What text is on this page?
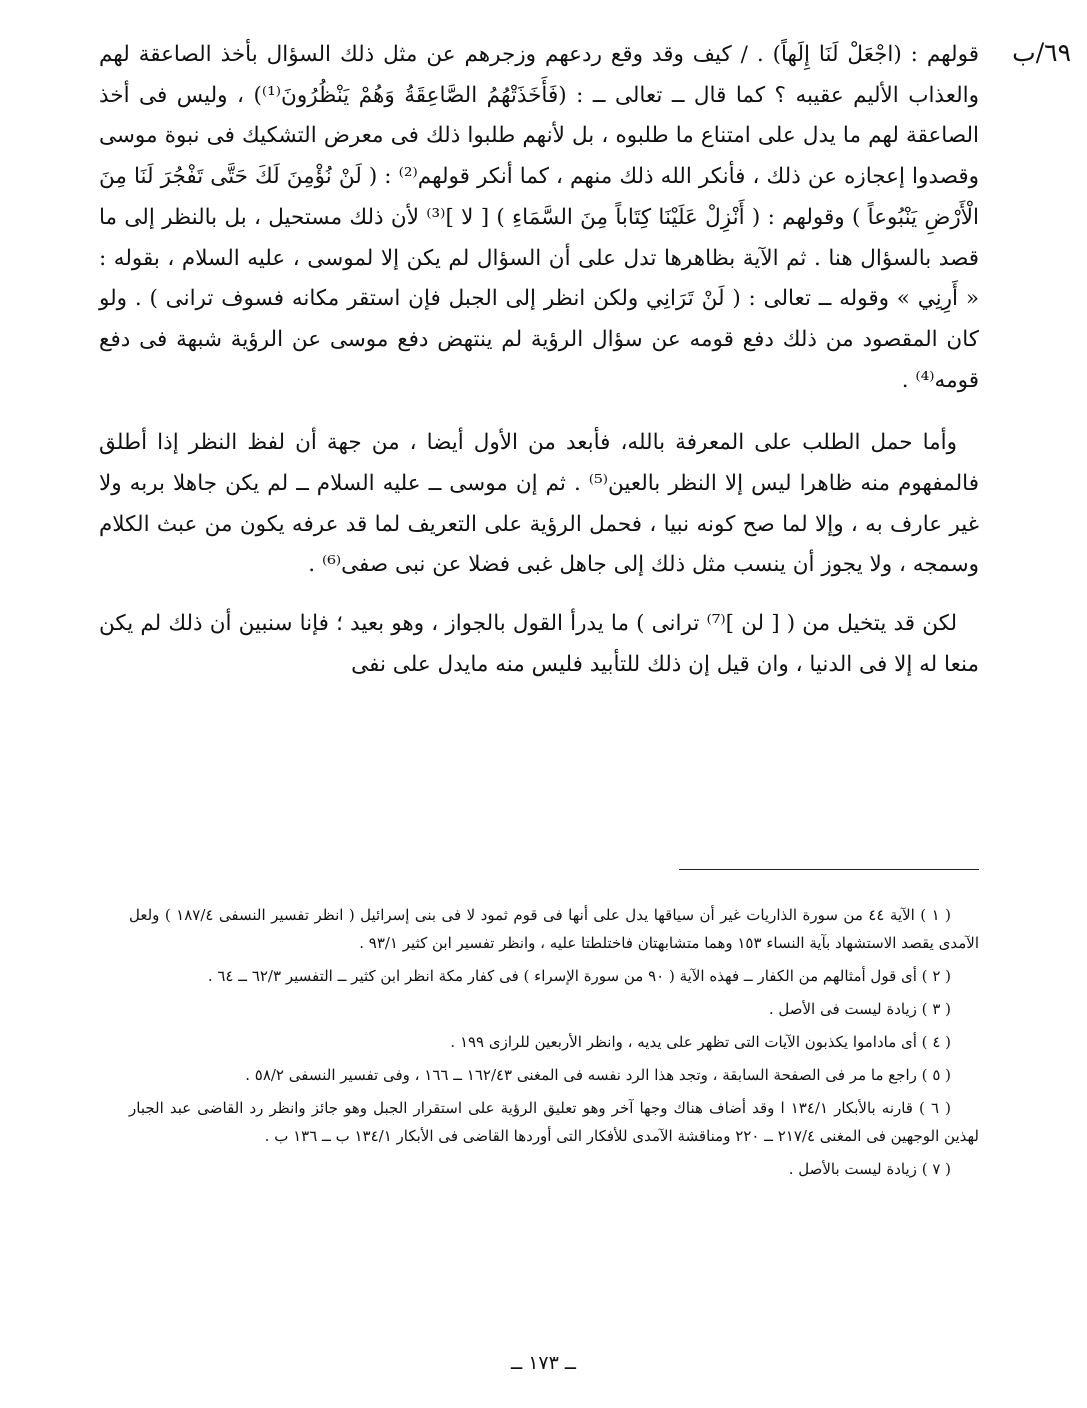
٦٩/ب

قولهم : (اجْعَلْ لَنَا إِلَهاً) . / كيف وقد وقع ردعهم وزجرهم عن مثل ذلك السؤال بأخذ الصاعقة لهم والعذاب الأليم عقيبه ؟ كما قال ــ تعالى ــ : (فَأَخَذَتْهُمُ الصَّاعِقَةُ وَهُمْ يَنْظُرُونَ⁽¹⁾) ، وليس فى أخذ الصاعقة لهم ما يدل على امتناع ما طلبوه ، بل لأنهم طلبوا ذلك فى معرض التشكيك فى نبوة موسى وقصدوا إعجازه عن ذلك ، فأنكر الله ذلك منهم ، كما أنكر قولهم⁽²⁾ : ( لَنْ نُؤْمِنَ لَكَ حَتَّى تَفْجُرَ لَنَا مِنَ الْأَرْضِ يَنْبُوعاً ) وقولهم : ( أَنْزِلْ عَلَيْنَا كِتَاباً مِنَ السَّمَاءِ ) [ لا ]⁽³⁾ لأن ذلك مستحيل ، بل بالنظر إلى ما قصد بالسؤال هنا . ثم الآية بظاهرها تدل على أن السؤال لم يكن إلا لموسى ، عليه السلام ، بقوله : « أَرِنِي » وقوله ــ تعالى : ( لَنْ تَرَانِي ولكن انظر إلى الجبل فإن استقر مكانه فسوف ترانى ) . ولو كان المقصود من ذلك دفع قومه عن سؤال الرؤية لم ينتهض دفع موسى عن الرؤية شبهة فى دفع قومه⁽⁴⁾ .

وأما حمل الطلب على المعرفة بالله، فأبعد من الأول أيضا ، من جهة أن لفظ النظر إذا أطلق فالمفهوم منه ظاهرا ليس إلا النظر بالعين⁽⁵⁾ . ثم إن موسى ــ عليه السلام ــ لم يكن جاهلا بربه ولا غير عارف به ، وإلا لما صح كونه نبيا ، فحمل الرؤية على التعريف لما قد عرفه يكون من عبث الكلام وسمجه ، ولا يجوز أن ينسب مثل ذلك إلى جاهل غبى فضلا عن نبى صفى⁽⁶⁾ .

لكن قد يتخيل من ( [ لن ]⁽⁷⁾ ترانى ) ما يدرأ القول بالجواز ، وهو بعيد ؛ فإنا سنبين أن ذلك لم يكن منعا له إلا فى الدنيا ، وان قيل إن ذلك للتأبيد فليس منه مايدل على نفى

( ١ ) الآية ٤٤ من سورة الذاريات غير أن سياقها يدل على أنها فى قوم ثمود لا فى بنى إسرائيل ( انظر تفسير النسفى ١٨٧/٤ ) ولعل الآمدى يقصد الاستشهاد بآية النساء ١٥٣ وهما متشابهتان فاختلطتا عليه ، وانظر تفسير ابن كثير ٩٣/١ .

( ٢ ) أى قول أمثالهم من الكفار ــ فهذه الآية ( ٩٠ من سورة الإسراء ) فى كفار مكة انظر ابن كثير ــ التفسير ٦٢/٣ ــ ٦٤ .

( ٣ ) زيادة ليست فى الأصل .

( ٤ ) أى ماداموا يكذبون الآيات التى تظهر على يديه ، وانظر الأربعين للرازى ١٩٩ .

( ٥ ) راجع ما مر فى الصفحة السابقة ، وتجد هذا الرد نفسه فى المغنى ١٦٢/٤٣ ــ ١٦٦ ، وفى تفسير النسفى ٥٨/٢ .

( ٦ ) قارنه بالأبكار ١٣٤/١ ا وقد أضاف هناك وجها آخر وهو تعليق الرؤية على استقرار الجبل وهو جائز وانظر رد القاضى عبد الجبار لهذين الوجهين فى المغنى ٢١٧/٤ ــ ٢٢٠ ومناقشة الآمدى للأفكار التى أوردها القاضى فى الأبكار ١٣٤/١ ب ــ ١٣٦ ب .

( ٧ ) زيادة ليست بالأصل .

ــ ١٧٣ ــ
